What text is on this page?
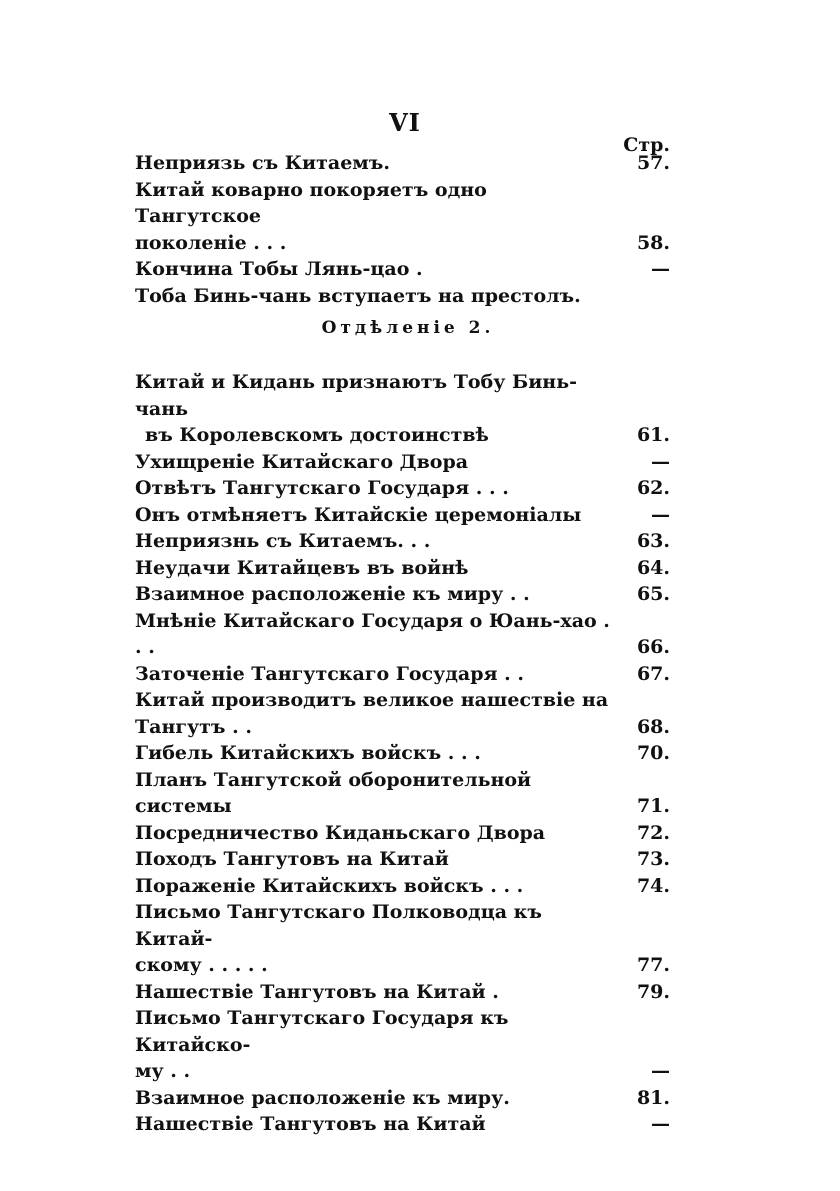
VI
Стр.
Неприязь съ Китаемъ.	57.
Китай коварно покоряетъ одно Тангутское
поколеніе . . .	58.
Кончина Тобы Лянь-цао .	—
Тоба Бинь-чань вступаетъ на престолъ.
Отдѣленіе 2.
Китай и Кидань признаютъ Тобу Бинь-чань
въ Королевскомъ достоинствѣ	61.
Ухищреніе Китайскаго Двора	—
Отвѣтъ Тангутскаго Государя . . .	62.
Онъ отмѣняетъ Китайскіе церемоніалы	—
Неприязнь съ Китаемъ. . .	63.
Неудачи Китайцевъ въ войнѣ	64.
Взаимное расположеніе къ миру . .	65.
Мнѣніе Китайскаго Государя о Юань-хао . . .	66.
Заточеніе Тангутскаго Государя . .	67.
Китай производитъ великое нашествіе на
Тангутъ . .	68.
Гибель Китайскихъ войскъ . . .	70.
Планъ Тангутской оборонительной системы	71.
Посредничество Киданьскаго Двора	72.
Походъ Тангутовъ на Китай	73.
Пораженіе Китайскихъ войскъ . . .	74.
Письмо Тангутскаго Полководца къ Китай-
скому . . . . .	77.
Нашествіе Тангутовъ на Китай .	79.
Письмо Тангутскаго Государя къ Китайско-
му . .	—
Взаимное расположеніе къ миру.	81.
Нашествіе Тангутовъ на Китай	—
